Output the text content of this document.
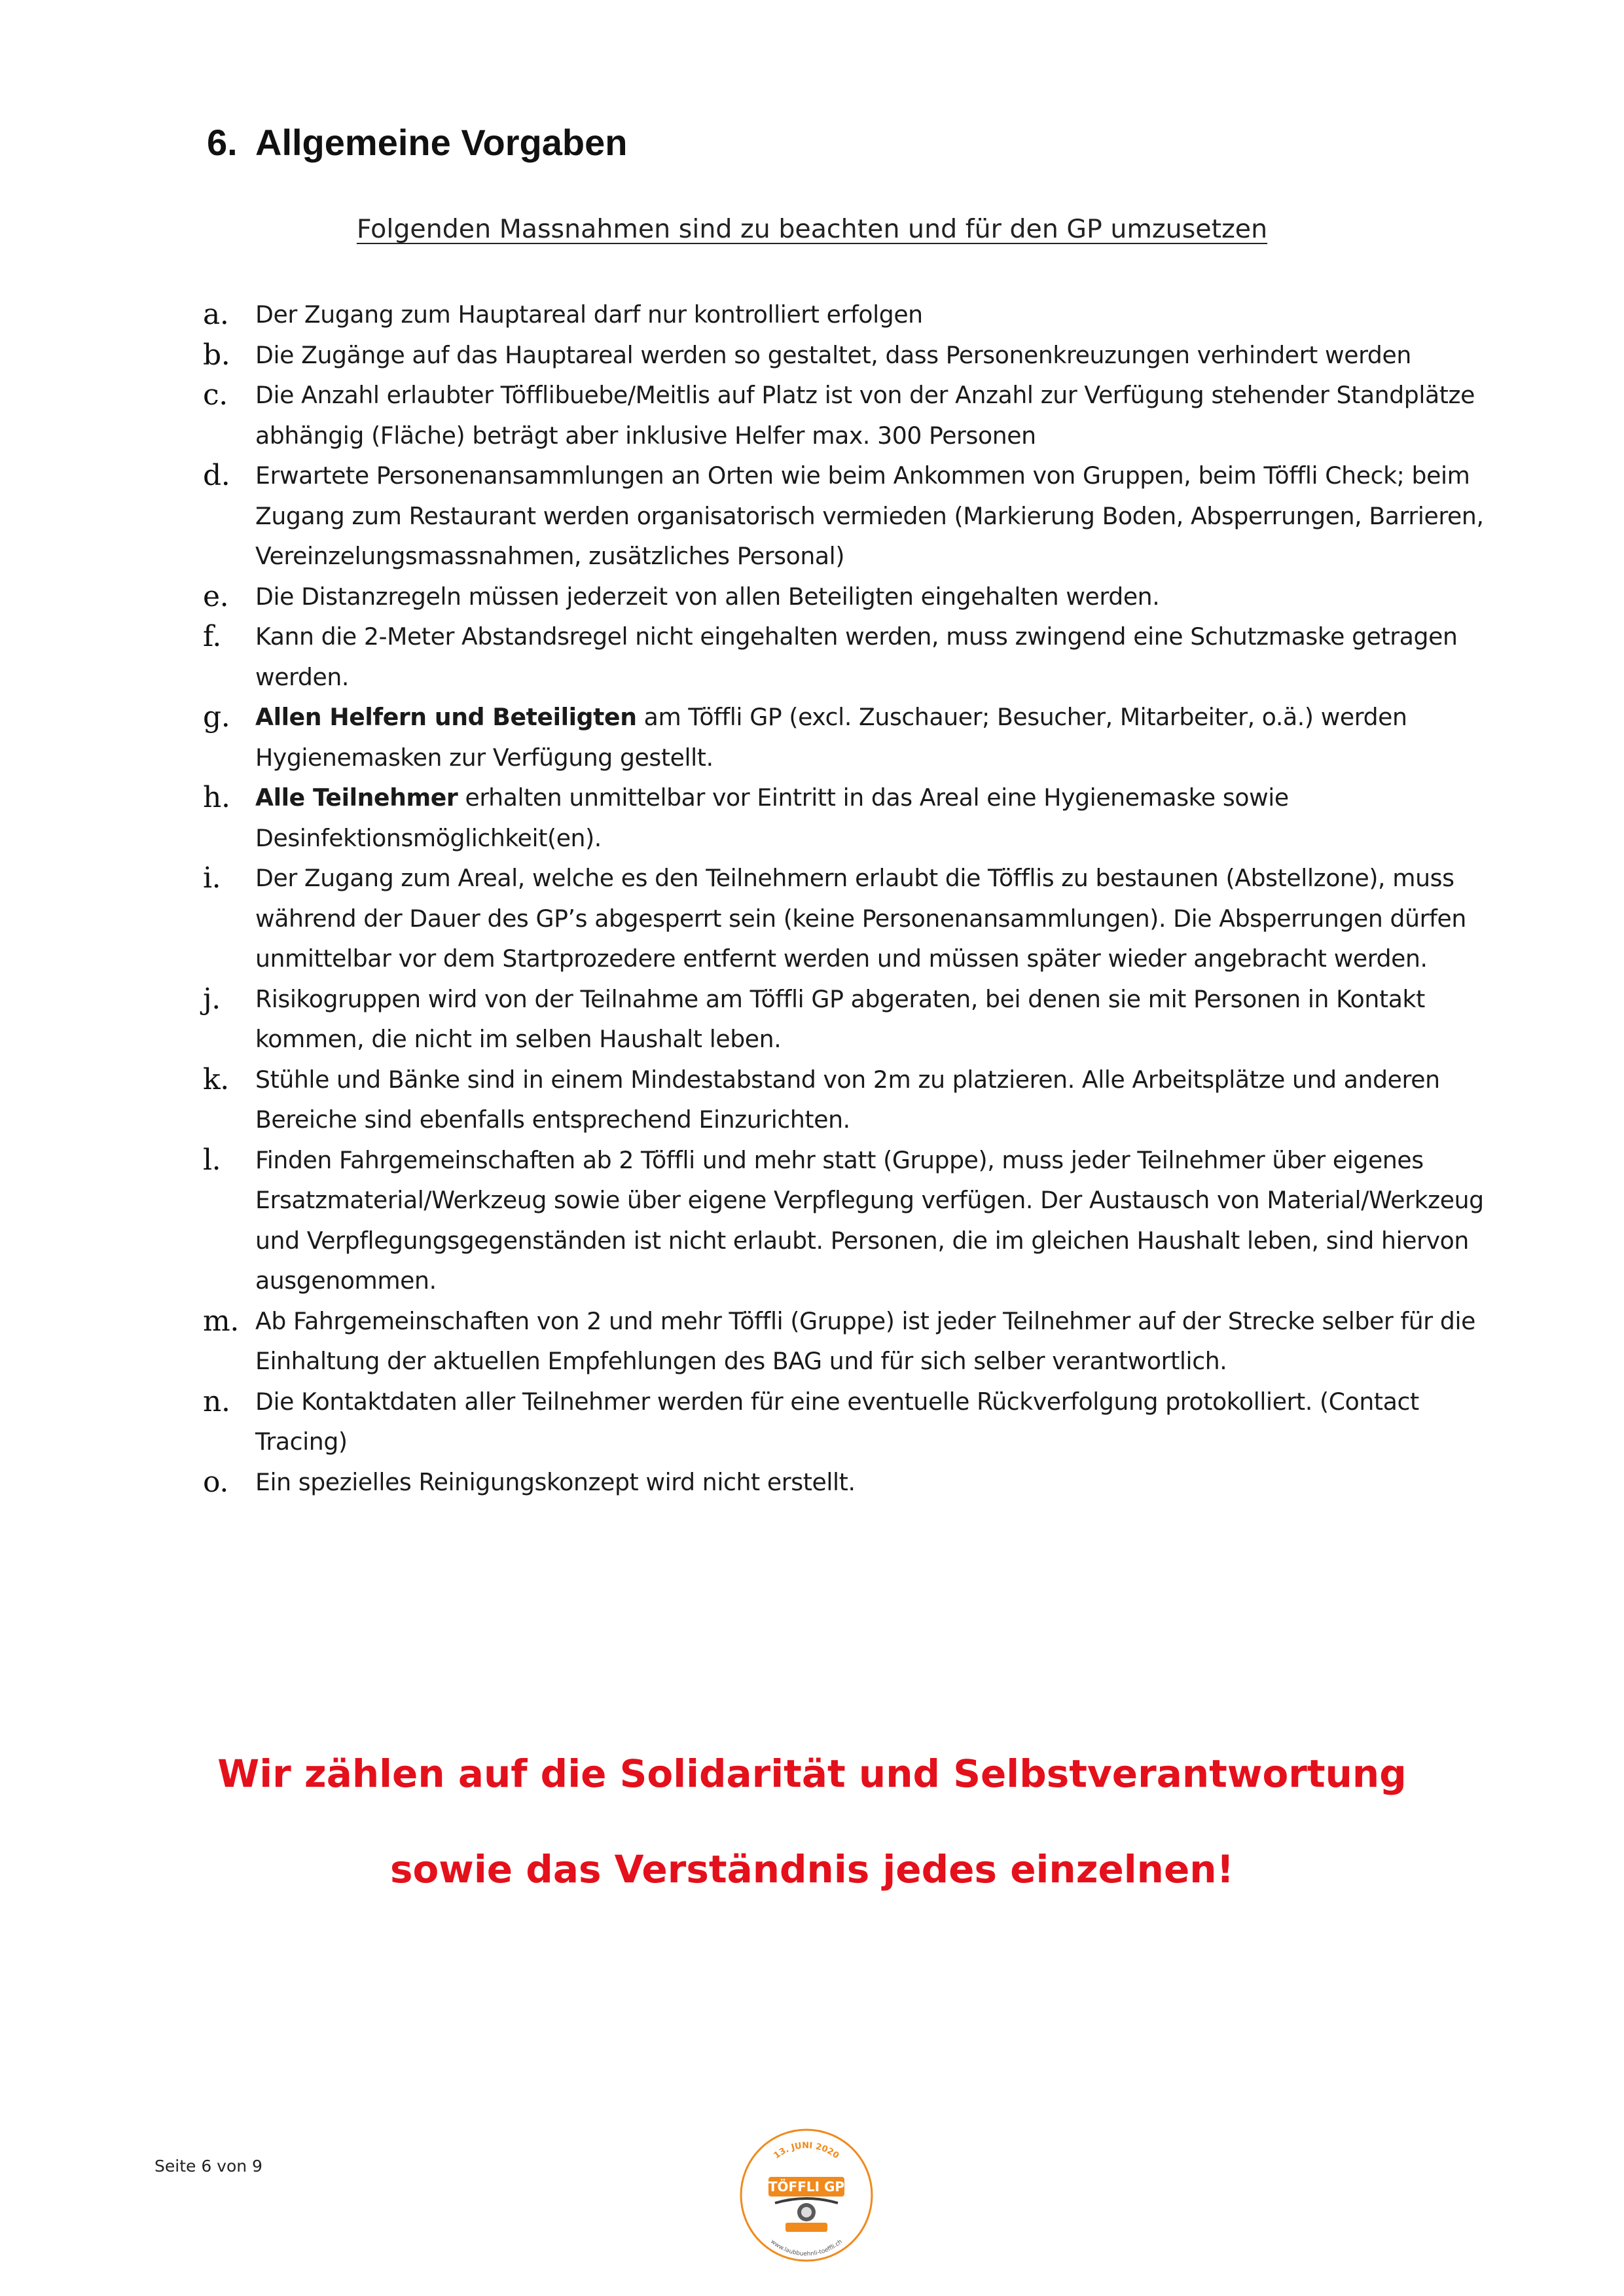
6. Allgemeine Vorgaben
Folgenden Massnahmen sind zu beachten und für den GP umzusetzen
a.	Der Zugang zum Hauptareal darf nur kontrolliert erfolgen
b.	Die Zugänge auf das Hauptareal werden so gestaltet, dass Personenkreuzungen verhindert werden
c.	Die Anzahl erlaubter Töfflibuebe/Meitlis auf Platz ist von der Anzahl zur Verfügung stehender Standplätze abhängig (Fläche) beträgt aber inklusive Helfer max. 300 Personen
d.	Erwartete Personenansammlungen an Orten wie beim Ankommen von Gruppen, beim Töffli Check; beim Zugang zum Restaurant werden organisatorisch vermieden (Markierung Boden, Absperrungen, Barrieren, Vereinzelungsmassnahmen, zusätzliches Personal)
e.	Die Distanzregeln müssen jederzeit von allen Beteiligten eingehalten werden.
f.	Kann die 2-Meter Abstandsregel nicht eingehalten werden, muss zwingend eine Schutzmaske getragen werden.
g.	Allen Helfern und Beteiligten am Töffli GP (excl. Zuschauer; Besucher, Mitarbeiter, o.ä.) werden Hygienemasken zur Verfügung gestellt.
h.	Alle Teilnehmer erhalten unmittelbar vor Eintritt in das Areal eine Hygienemaske sowie Desinfektionsmöglichkeit(en).
i.	Der Zugang zum Areal, welche es den Teilnehmern erlaubt die Töfflis zu bestaunen (Abstellzone), muss während der Dauer des GP’s abgesperrt sein (keine Personenansammlungen). Die Absperrungen dürfen unmittelbar vor dem Startprozedere entfernt werden und müssen später wieder angebracht werden.
j.	Risikogruppen wird von der Teilnahme am Töffli GP abgeraten, bei denen sie mit Personen in Kontakt kommen, die nicht im selben Haushalt leben.
k.	Stühle und Bänke sind in einem Mindestabstand von 2m zu platzieren. Alle Arbeitsplätze und anderen Bereiche sind ebenfalls entsprechend Einzurichten.
l.	Finden Fahrgemeinschaften ab 2 Töffli und mehr statt (Gruppe), muss jeder Teilnehmer über eigenes Ersatzmaterial/Werkzeug sowie über eigene Verpflegung verfügen. Der Austausch von Material/Werkzeug und Verpflegungsgegenständen ist nicht erlaubt. Personen, die im gleichen Haushalt leben, sind hiervon ausgenommen.
m. Ab Fahrgemeinschaften von 2 und mehr Töffli (Gruppe) ist jeder Teilnehmer auf der Strecke selber für die Einhaltung der aktuellen Empfehlungen des BAG und für sich selber verantwortlich.
n.	Die Kontaktdaten aller Teilnehmer werden für eine eventuelle Rückverfolgung protokolliert. (Contact Tracing)
o.	Ein spezielles Reinigungskonzept wird nicht erstellt.
Wir zählen auf die Solidarität und Selbstverantwortung
sowie das Verständnis jedes einzelnen!
Seite 6 von 9
13. JUNI 2020
TÖFFLI GP
www.laubbuehnli-toeffli.ch
